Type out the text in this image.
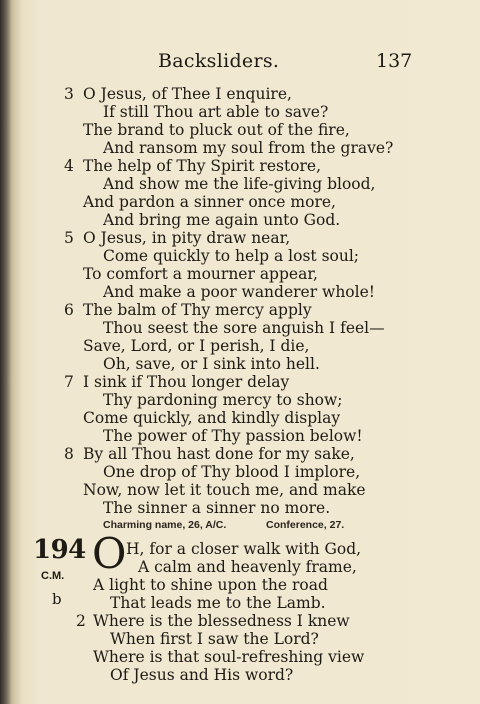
Backsliders.	137
3 O Jesus, of Thee I enquire,
If still Thou art able to save?
The brand to pluck out of the fire,
And ransom my soul from the grave?
4 The help of Thy Spirit restore,
And show me the life-giving blood,
And pardon a sinner once more,
And bring me again unto God.
5 O Jesus, in pity draw near,
Come quickly to help a lost soul;
To comfort a mourner appear,
And make a poor wanderer whole!
6 The balm of Thy mercy apply
Thou seest the sore anguish I feel—
Save, Lord, or I perish, I die,
Oh, save, or I sink into hell.
7 I sink if Thou longer delay
Thy pardoning mercy to show;
Come quickly, and kindly display
The power of Thy passion below!
8 By all Thou hast done for my sake,
One drop of Thy blood I implore,
Now, now let it touch me, and make
The sinner a sinner no more.
Charming name, 26, A/C.	Conference, 27.
194 O
C.M.
b
H, for a closer walk with God,
A calm and heavenly frame,
A light to shine upon the road
That leads me to the Lamb.
2 Where is the blessedness I knew
When first I saw the Lord?
Where is that soul-refreshing view
Of Jesus and His word?
